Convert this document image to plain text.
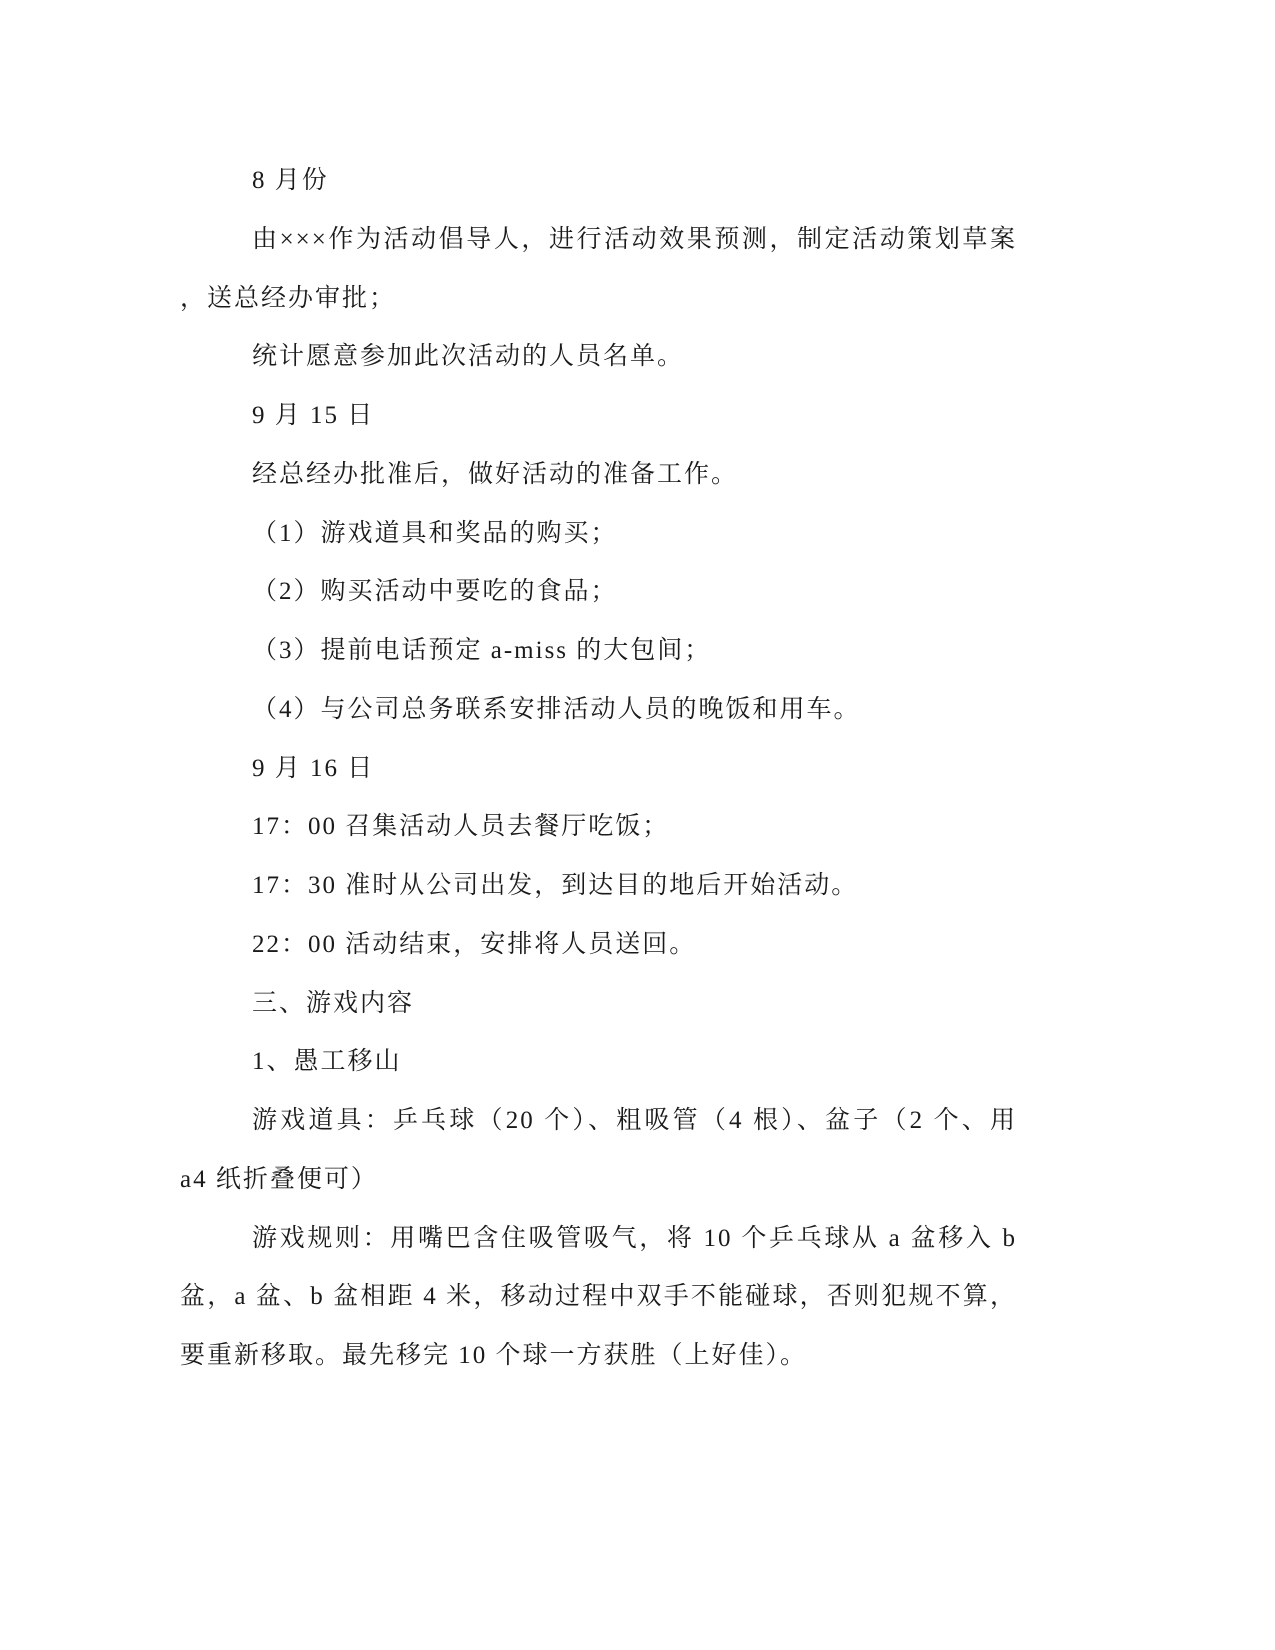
8 月份
由×××作为活动倡导人，进行活动效果预测，制定活动策划草案
，送总经办审批；
统计愿意参加此次活动的人员名单。
9 月 15 日
经总经办批准后，做好活动的准备工作。
（1）游戏道具和奖品的购买；
（2）购买活动中要吃的食品；
（3）提前电话预定 a-miss 的大包间；
（4）与公司总务联系安排活动人员的晚饭和用车。
9 月 16 日
17：00 召集活动人员去餐厅吃饭；
17：30 准时从公司出发，到达目的地后开始活动。
22：00 活动结束，安排将人员送回。
三、游戏内容
1、愚工移山
游戏道具：乒乓球（20 个）、粗吸管（4 根）、盆子（2 个、用
a4 纸折叠便可）
游戏规则：用嘴巴含住吸管吸气，将 10 个乒乓球从 a 盆移入 b
盆，a 盆、b 盆相距 4 米，移动过程中双手不能碰球，否则犯规不算，
要重新移取。最先移完 10 个球一方获胜（上好佳）。
